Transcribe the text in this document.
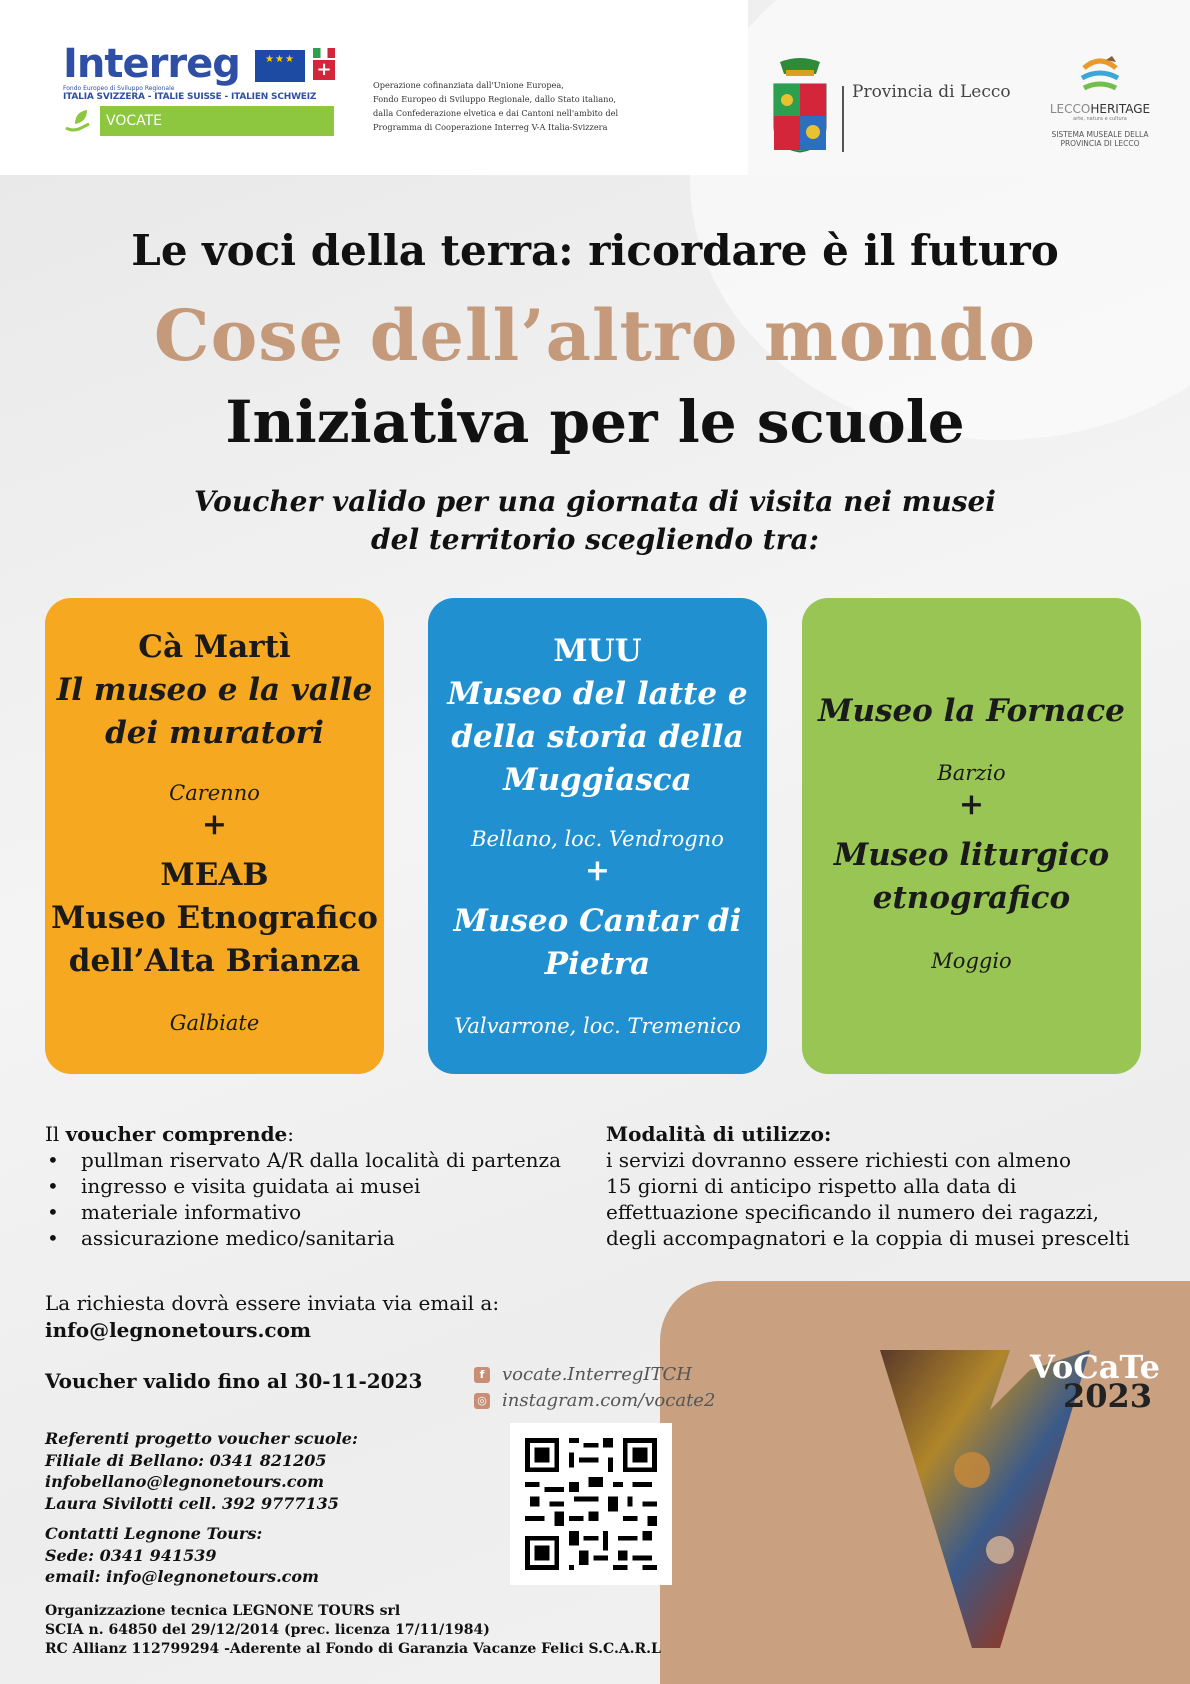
Interreg	★★★	+
Fondo Europeo di Sviluppo Regionale
ITALIA SVIZZERA - ITALIE SUISSE - ITALIEN SCHWEIZ
VOCATE
Operazione cofinanziata dall'Unione Europea,
Fondo Europeo di Sviluppo Regionale, dallo Stato italiano,
dalla Confederazione elvetica e dai Cantoni nell'ambito del
Programma di Cooperazione Interreg V-A Italia-Svizzera
Provincia di Lecco
LECCOHERITAGE
arte, natura e cultura
SISTEMA MUSEALE DELLA
PROVINCIA DI LECCO
Le voci della terra: ricordare è il futuro
Cose dell’altro mondo
Iniziativa per le scuole
Voucher valido per una giornata di visita nei musei
del territorio scegliendo tra:
Cà Martì
Il museo e la valle
dei muratori
Carenno
+
MEAB
Museo Etnografico
dell’Alta Brianza
Galbiate
MUU
Museo del latte e
della storia della
Muggiasca
Bellano, loc. Vendrogno
+
Museo Cantar di
Pietra
Valvarrone, loc. Tremenico
Museo la Fornace
Barzio
+
Museo liturgico
etnografico
Moggio
Il voucher comprende:
• pullman riservato A/R dalla località di partenza
• ingresso e visita guidata ai musei
• materiale informativo
• assicurazione medico/sanitaria
Modalità di utilizzo:
i servizi dovranno essere richiesti con almeno
15 giorni di anticipo rispetto alla data di
effettuazione specificando il numero dei ragazzi,
degli accompagnatori e la coppia di musei prescelti
VoCaTe
2023
La richiesta dovrà essere inviata via email a:
info@legnonetours.com
Voucher valido fino al 30-11-2023
Referenti progetto voucher scuole:
Filiale di Bellano: 0341 821205
infobellano@legnonetours.com
Laura Sivilotti cell. 392 9777135
Contatti Legnone Tours:
Sede: 0341 941539
email: info@legnonetours.com
Organizzazione tecnica LEGNONE TOURS srl
SCIA n. 64850 del 29/12/2014 (prec. licenza 17/11/1984)
RC Allianz 112799294 -Aderente al Fondo di Garanzia Vacanze Felici S.C.A.R.L
f vocate.InterregITCH
◎ instagram.com/vocate2
